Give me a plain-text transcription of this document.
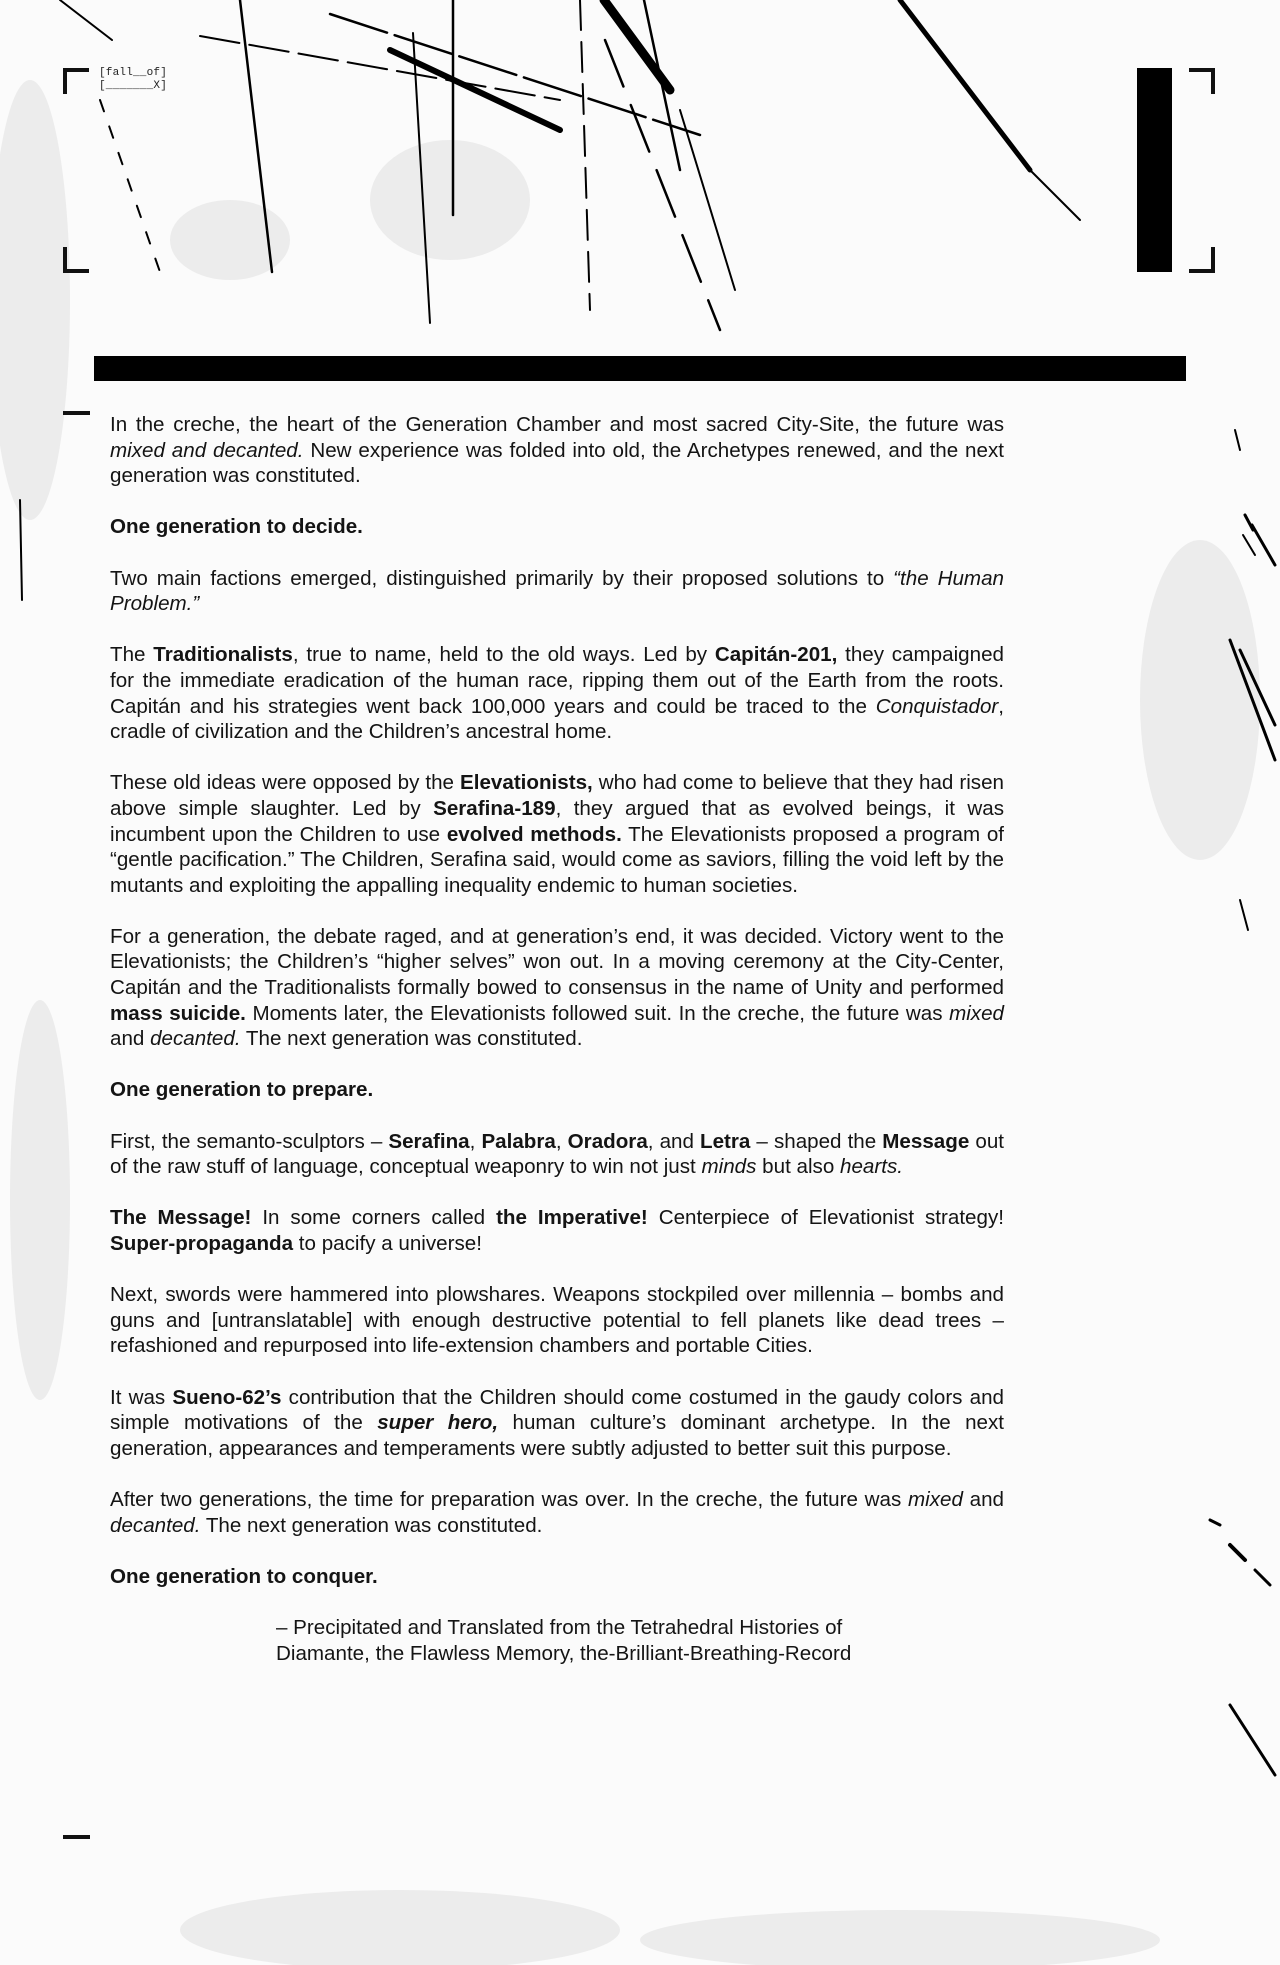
[fall__of]
[_______X]

In the creche, the heart of the Generation Chamber and most sacred City-Site, the future was mixed and decanted. New experience was folded into old, the Archetypes renewed, and the next generation was constituted.

One generation to decide.

Two main factions emerged, distinguished primarily by their proposed solutions to “the Human Problem.”

The Traditionalists, true to name, held to the old ways. Led by Capitán-201, they campaigned for the immediate eradication of the human race, ripping them out of the Earth from the roots. Capitán and his strategies went back 100,000 years and could be traced to the Conquistador, cradle of civilization and the Children’s ancestral home.

These old ideas were opposed by the Elevationists, who had come to believe that they had risen above simple slaughter. Led by Serafina-189, they argued that as evolved beings, it was incumbent upon the Children to use evolved methods. The Elevationists proposed a program of “gentle pacification.” The Children, Serafina said, would come as saviors, filling the void left by the mutants and exploiting the appalling inequality endemic to human societies.

For a generation, the debate raged, and at generation’s end, it was decided. Victory went to the Elevationists; the Children’s “higher selves” won out. In a moving ceremony at the City-Center, Capitán and the Traditionalists formally bowed to consensus in the name of Unity and performed mass suicide. Moments later, the Elevationists followed suit. In the creche, the future was mixed and decanted. The next generation was constituted.

One generation to prepare.

First, the semanto-sculptors – Serafina, Palabra, Oradora, and Letra – shaped the Message out of the raw stuff of language, conceptual weaponry to win not just minds but also hearts.

The Message! In some corners called the Imperative! Centerpiece of Elevationist strategy! Super-propaganda to pacify a universe!

Next, swords were hammered into plowshares. Weapons stockpiled over millennia – bombs and guns and [untranslatable] with enough destructive potential to fell planets like dead trees – refashioned and repurposed into life-extension chambers and portable Cities.

It was Sueno-62’s contribution that the Children should come costumed in the gaudy colors and simple motivations of the super hero, human culture’s dominant archetype. In the next generation, appearances and temperaments were subtly adjusted to better suit this purpose.

After two generations, the time for preparation was over. In the creche, the future was mixed and decanted. The next generation was constituted.

One generation to conquer.

– Precipitated and Translated from the Tetrahedral Histories of
Diamante, the Flawless Memory, the-Brilliant-Breathing-Record
